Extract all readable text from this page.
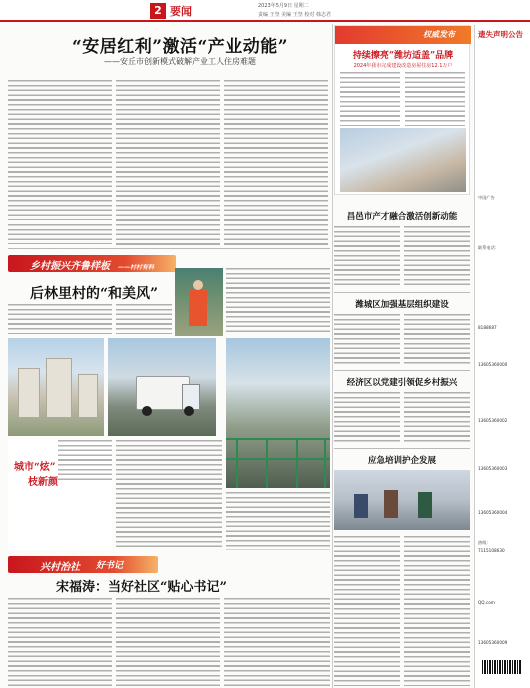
2 要闻	2023年5月9日 星期二
责编 王坚 美编 王坚 校对 韩志君
“安居红利”激活“产业动能”
——安丘市创新模式破解产业工人住房难题
权威发布
持续擦亮“潍坊适盖”品牌
2024年我市完成建设改造房屋住房12.1万户
遗失声明公告
中国广告
联系电话：
8188687
13605360000
13605360002
13605360003
13605360004
热线：
7115108630
QQ.com
13605360009
乡村振兴齐鲁样板 ——村村有料
后林里村的“和美风”
城市“炫”
枝新颜
兴村治社 好书记
宋福涛：当好社区“贴心书记”
昌邑市产才融合激活创新动能
潍城区加强基层组织建设
经济区以党建引领促乡村振兴
应急培训护企发展
